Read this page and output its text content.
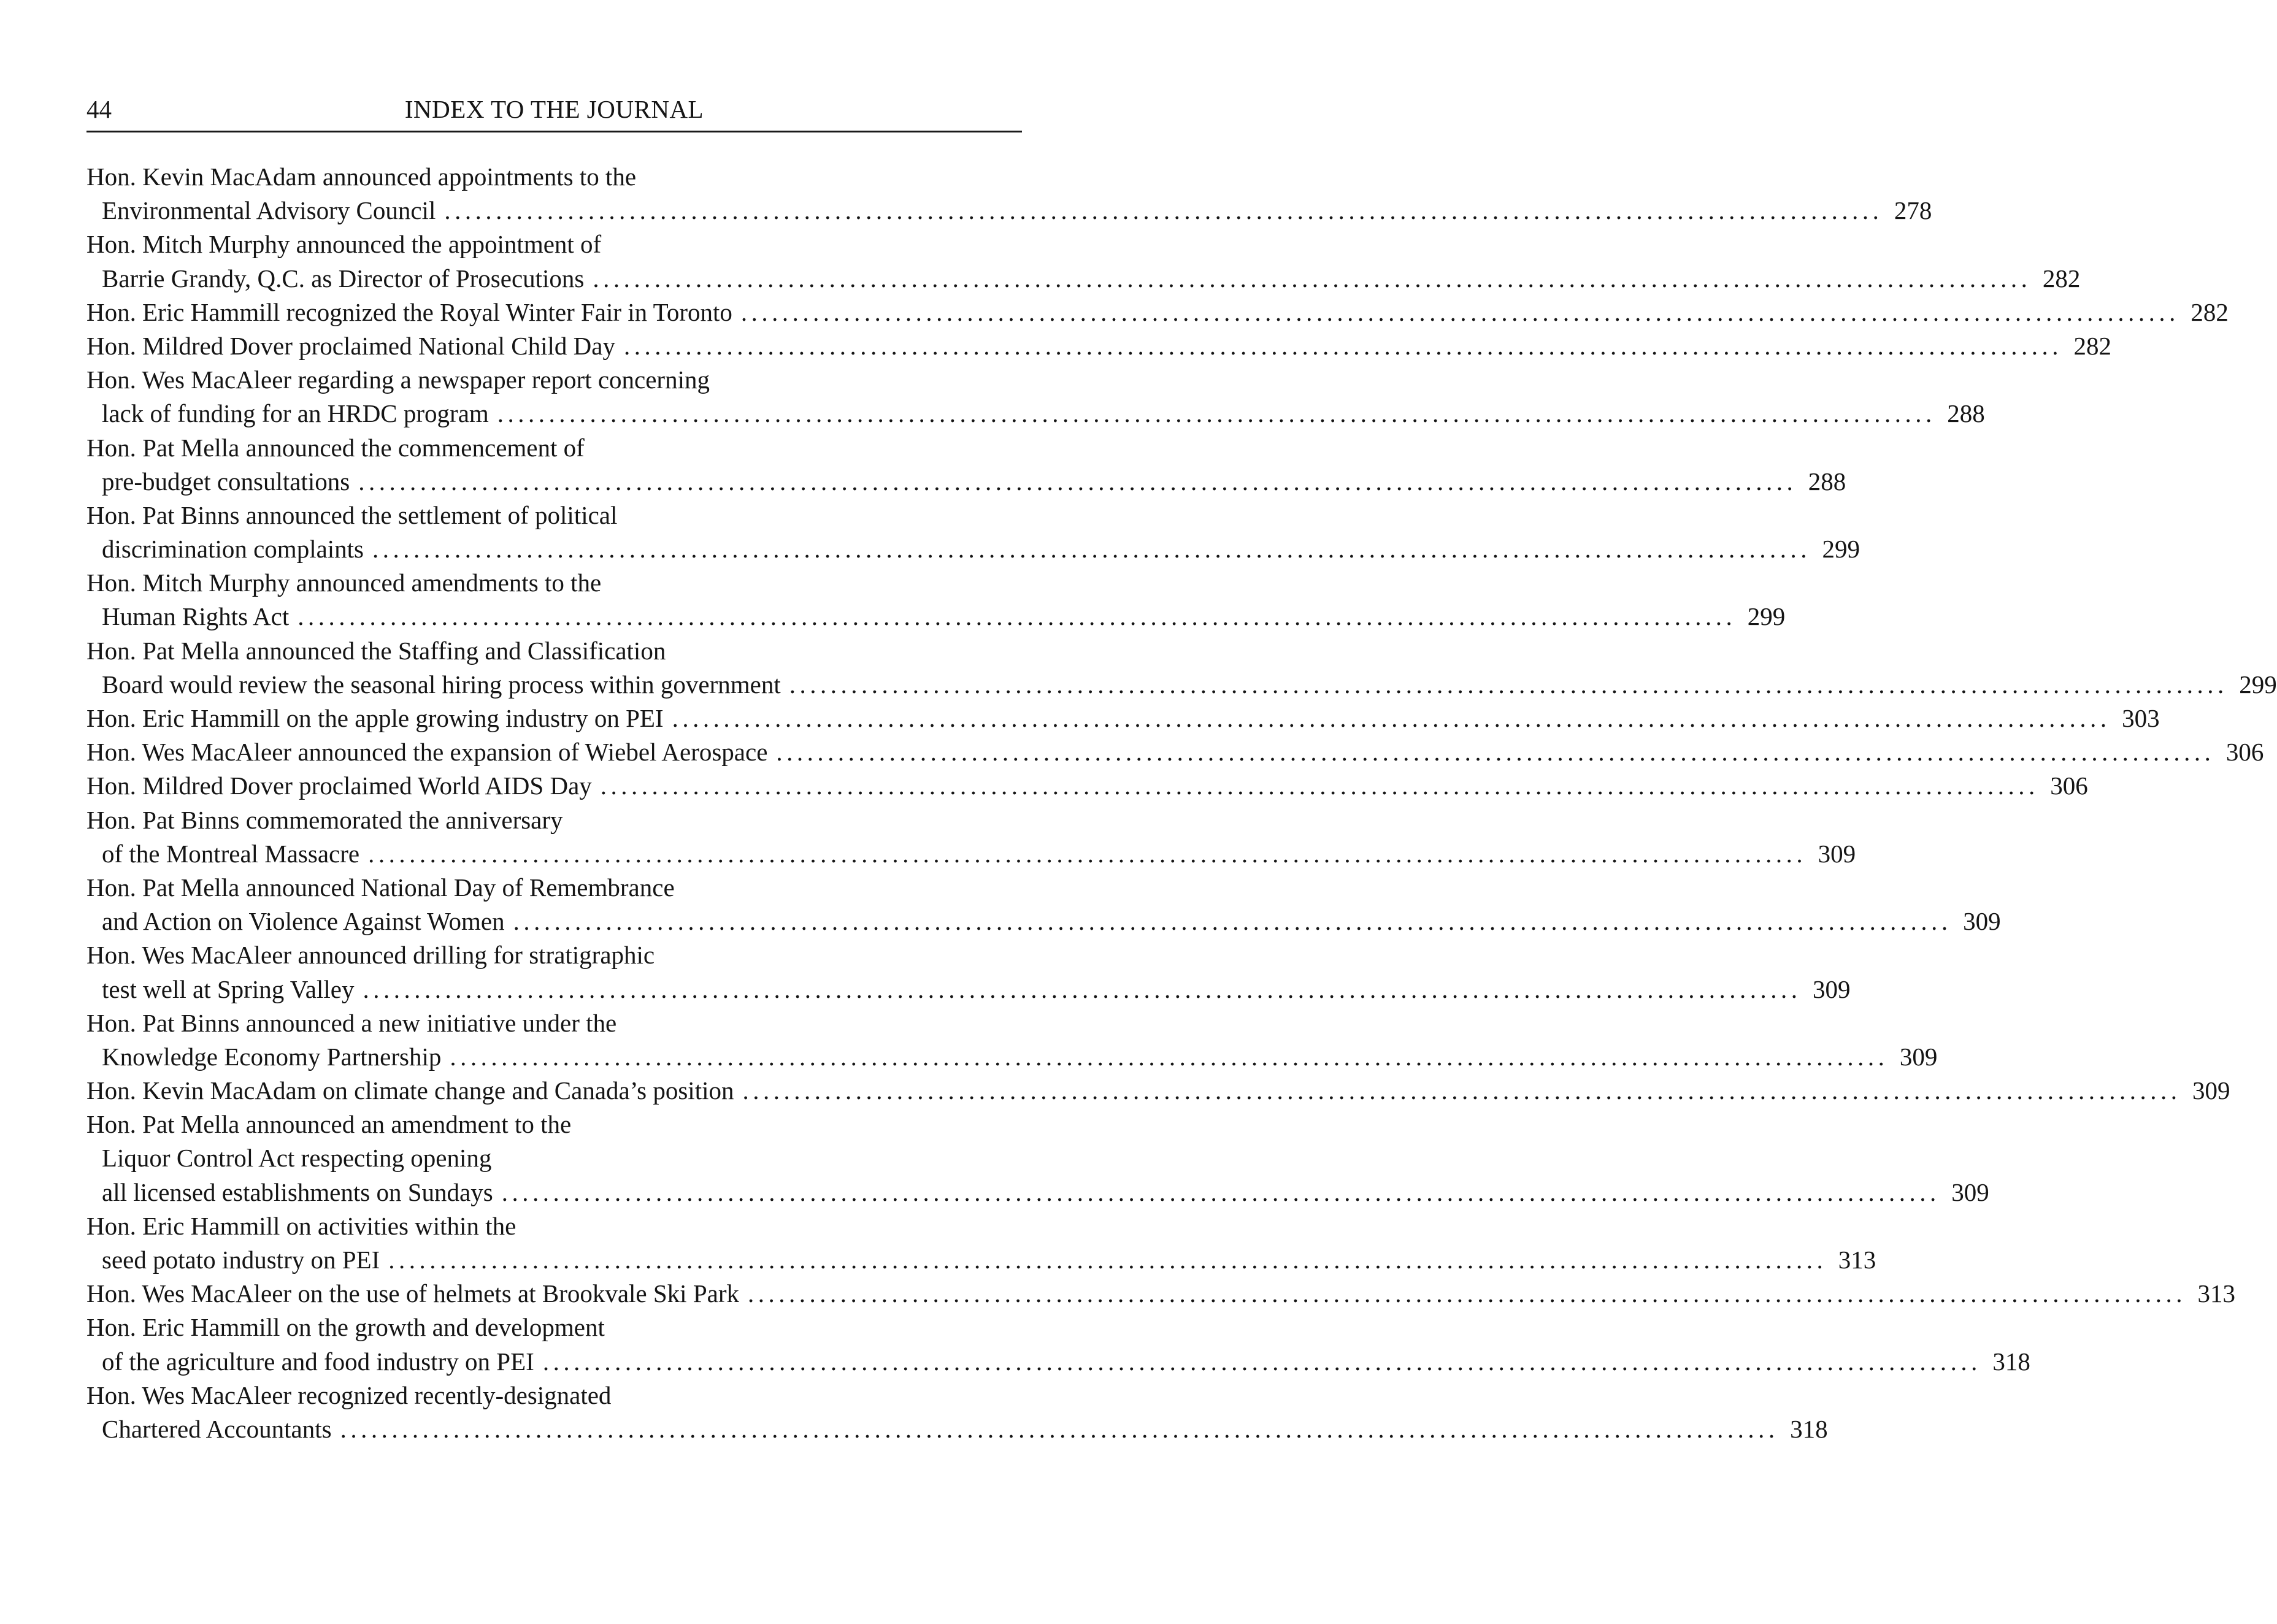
44	INDEX TO THE JOURNAL
Hon. Kevin MacAdam announced appointments to the
Environmental Advisory Council ............................................................................................................................................ 278
Hon. Mitch Murphy announced the appointment of
Barrie Grandy, Q.C. as Director of Prosecutions ............................................................................................................................................ 282
Hon. Eric Hammill recognized the Royal Winter Fair in Toronto ............................................................................................................................................ 282
Hon. Mildred Dover proclaimed National Child Day ............................................................................................................................................ 282
Hon. Wes MacAleer regarding a newspaper report concerning
lack of funding for an HRDC program ............................................................................................................................................ 288
Hon. Pat Mella announced the commencement of
pre-budget consultations ............................................................................................................................................ 288
Hon. Pat Binns announced the settlement of political
discrimination complaints ............................................................................................................................................ 299
Hon. Mitch Murphy announced amendments to the
Human Rights Act ............................................................................................................................................ 299
Hon. Pat Mella announced the Staffing and Classification
Board would review the seasonal hiring process within government ............................................................................................................................................ 299
Hon. Eric Hammill on the apple growing industry on PEI ............................................................................................................................................ 303
Hon. Wes MacAleer announced the expansion of Wiebel Aerospace ............................................................................................................................................ 306
Hon. Mildred Dover proclaimed World AIDS Day ............................................................................................................................................ 306
Hon. Pat Binns commemorated the anniversary
of the Montreal Massacre ............................................................................................................................................ 309
Hon. Pat Mella announced National Day of Remembrance
and Action on Violence Against Women ............................................................................................................................................ 309
Hon. Wes MacAleer announced drilling for stratigraphic
test well at Spring Valley ............................................................................................................................................ 309
Hon. Pat Binns announced a new initiative under the
Knowledge Economy Partnership ............................................................................................................................................ 309
Hon. Kevin MacAdam on climate change and Canada’s position ............................................................................................................................................ 309
Hon. Pat Mella announced an amendment to the
Liquor Control Act respecting opening
all licensed establishments on Sundays ............................................................................................................................................ 309
Hon. Eric Hammill on activities within the
seed potato industry on PEI ............................................................................................................................................ 313
Hon. Wes MacAleer on the use of helmets at Brookvale Ski Park ............................................................................................................................................ 313
Hon. Eric Hammill on the growth and development
of the agriculture and food industry on PEI ............................................................................................................................................ 318
Hon. Wes MacAleer recognized recently-designated
Chartered Accountants ............................................................................................................................................ 318
